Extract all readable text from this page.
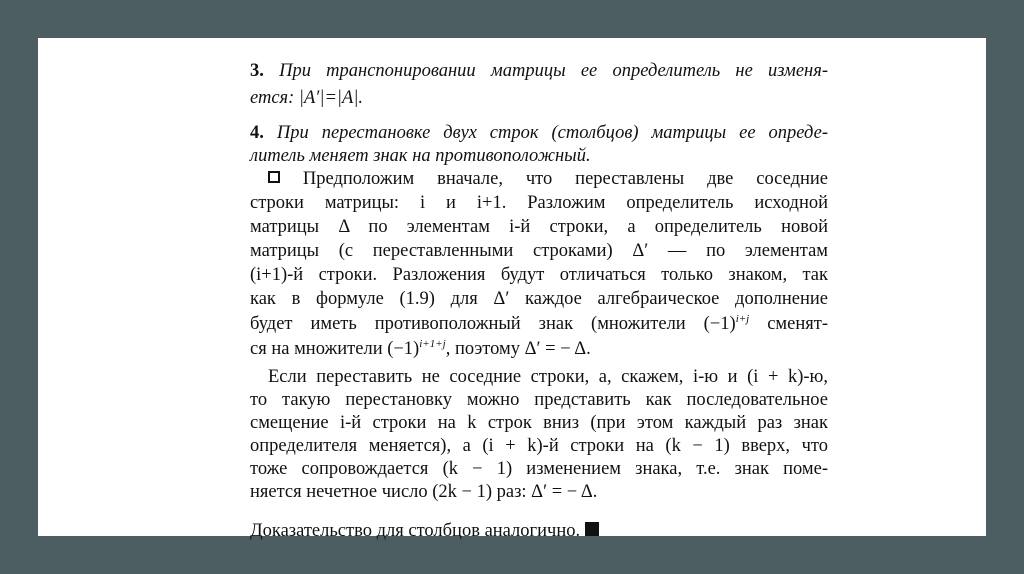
3. При транспонировании матрицы ее определитель не изменя-
ется: |A′|=|A|.
4. При перестановке двух строк (столбцов) матрицы ее опреде-
литель меняет знак на противоположный.
Предположим вначале, что переставлены две соседние
строки матрицы: i и i+1. Разложим определитель исходной
матрицы Δ по элементам i-й строки, а определитель новой
матрицы (с переставленными строками) Δ′ — по элементам
(i+1)-й строки. Разложения будут отличаться только знаком, так
как в формуле (1.9) для Δ′ каждое алгебраическое дополнение
будет иметь противоположный знак (множители $(-1)^{i+j}$ сменят-
ся на множители $(-1)^{i+1+j}$, поэтому Δ′ = − Δ.
Если переставить не соседние строки, а, скажем, i-ю и (i + k)-ю,
то такую перестановку можно представить как последовательное
смещение i-й строки на k строк вниз (при этом каждый раз знак
определителя меняется), а (i + k)-й строки на (k − 1) вверх, что
тоже сопровождается (k − 1) изменением знака, т.е. знак поме-
няется нечетное число (2k − 1) раз: Δ′ = − Δ.
Доказательство для столбцов аналогично.
